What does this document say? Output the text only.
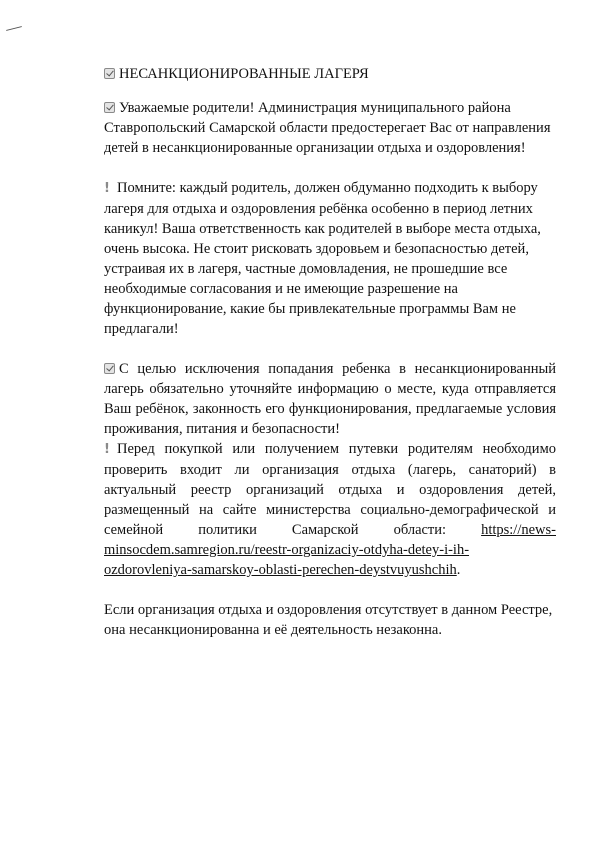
НЕСАНКЦИОНИРОВАННЫЕ ЛАГЕРЯ

Уважаемые родители! Администрация муниципального района Ставропольский Самарской области предостерегает Вас от направления детей в несанкционированные организации отдыха и оздоровления!

! Помните: каждый родитель, должен обдуманно подходить к выбору лагеря для отдыха и оздоровления ребёнка особенно в период летних каникул! Ваша ответственность как родителей в выборе места отдыха, очень высока. Не стоит рисковать здоровьем и безопасностью детей, устраивая их в лагеря, частные домовладения, не прошедшие все необходимые согласования и не имеющие разрешение на функционирование, какие бы привлекательные программы Вам не предлагали!

С целью исключения попадания ребенка в несанкционированный лагерь обязательно уточняйте информацию о месте, куда отправляется Ваш ребёнок, законность его функционирования, предлагаемые условия проживания, питания и безопасности!

! Перед покупкой или получением путевки родителям необходимо проверить входит ли организация отдыха (лагерь, санаторий) в актуальный реестр организаций отдыха и оздоровления детей, размещенный на сайте министерства социально-демографической и семейной политики Самарской области: https://news-minsocdem.samregion.ru/reestr-organizaciy-otdyha-detey-i-ih-ozdorovleniya-samarskoy-oblasti-perechen-deystvuyushchih.

Если организация отдыха и оздоровления отсутствует в данном Реестре, она несанкционированна и её деятельность незаконна.
